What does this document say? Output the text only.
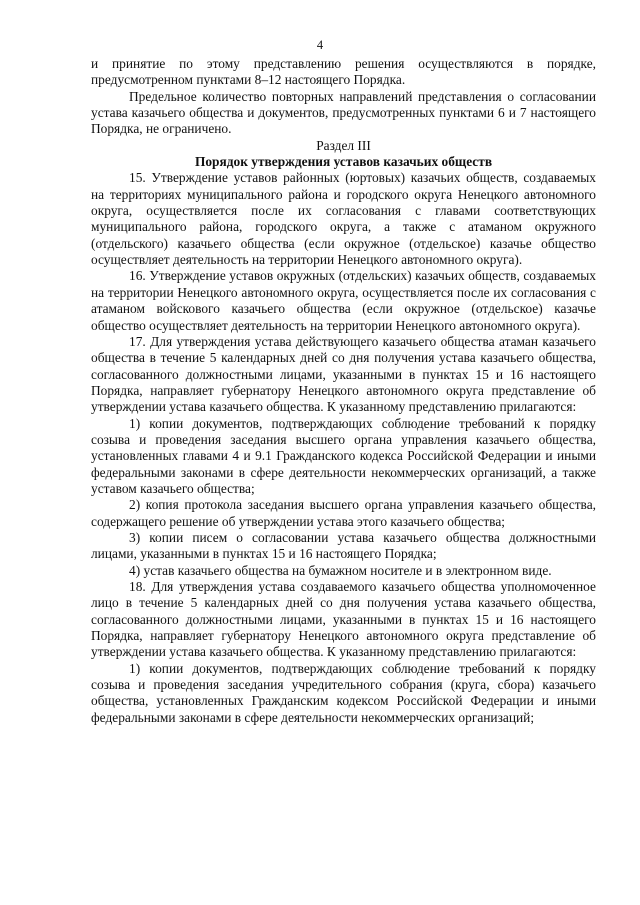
4

и принятие по этому представлению решения осуществляются в порядке, предусмотренном пунктами 8–12 настоящего Порядка.

Предельное количество повторных направлений представления о согласовании устава казачьего общества и документов, предусмотренных пунктами 6 и 7 настоящего Порядка, не ограничено.

Раздел III

Порядок утверждения уставов казачьих обществ

15. Утверждение уставов районных (юртовых) казачьих обществ, создаваемых на территориях муниципального района и городского округа Ненецкого автономного округа, осуществляется после их согласования с главами соответствующих муниципального района, городского округа, а также с атаманом окружного (отдельского) казачьего общества (если окружное (отдельское) казачье общество осуществляет деятельность на территории Ненецкого автономного округа).

16. Утверждение уставов окружных (отдельских) казачьих обществ, создаваемых на территории Ненецкого автономного округа, осуществляется после их согласования с атаманом войскового казачьего общества (если окружное (отдельское) казачье общество осуществляет деятельность на территории Ненецкого автономного округа).

17. Для утверждения устава действующего казачьего общества атаман казачьего общества в течение 5 календарных дней со дня получения устава казачьего общества, согласованного должностными лицами, указанными в пунктах 15 и 16 настоящего Порядка, направляет губернатору Ненецкого автономного округа представление об утверждении устава казачьего общества. К указанному представлению прилагаются:

1) копии документов, подтверждающих соблюдение требований к порядку созыва и проведения заседания высшего органа управления казачьего общества, установленных главами 4 и 9.1 Гражданского кодекса Российской Федерации и иными федеральными законами в сфере деятельности некоммерческих организаций, а также уставом казачьего общества;

2) копия протокола заседания высшего органа управления казачьего общества, содержащего решение об утверждении устава этого казачьего общества;

3) копии писем о согласовании устава казачьего общества должностными лицами, указанными в пунктах 15 и 16 настоящего Порядка;

4) устав казачьего общества на бумажном носителе и в электронном виде.

18. Для утверждения устава создаваемого казачьего общества уполномоченное лицо в течение 5 календарных дней со дня получения устава казачьего общества, согласованного должностными лицами, указанными в пунктах 15 и 16 настоящего Порядка, направляет губернатору Ненецкого автономного округа представление об утверждении устава казачьего общества. К указанному представлению прилагаются:

1) копии документов, подтверждающих соблюдение требований к порядку созыва и проведения заседания учредительного собрания (круга, сбора) казачьего общества, установленных Гражданским кодексом Российской Федерации и иными федеральными законами в сфере деятельности некоммерческих организаций;
